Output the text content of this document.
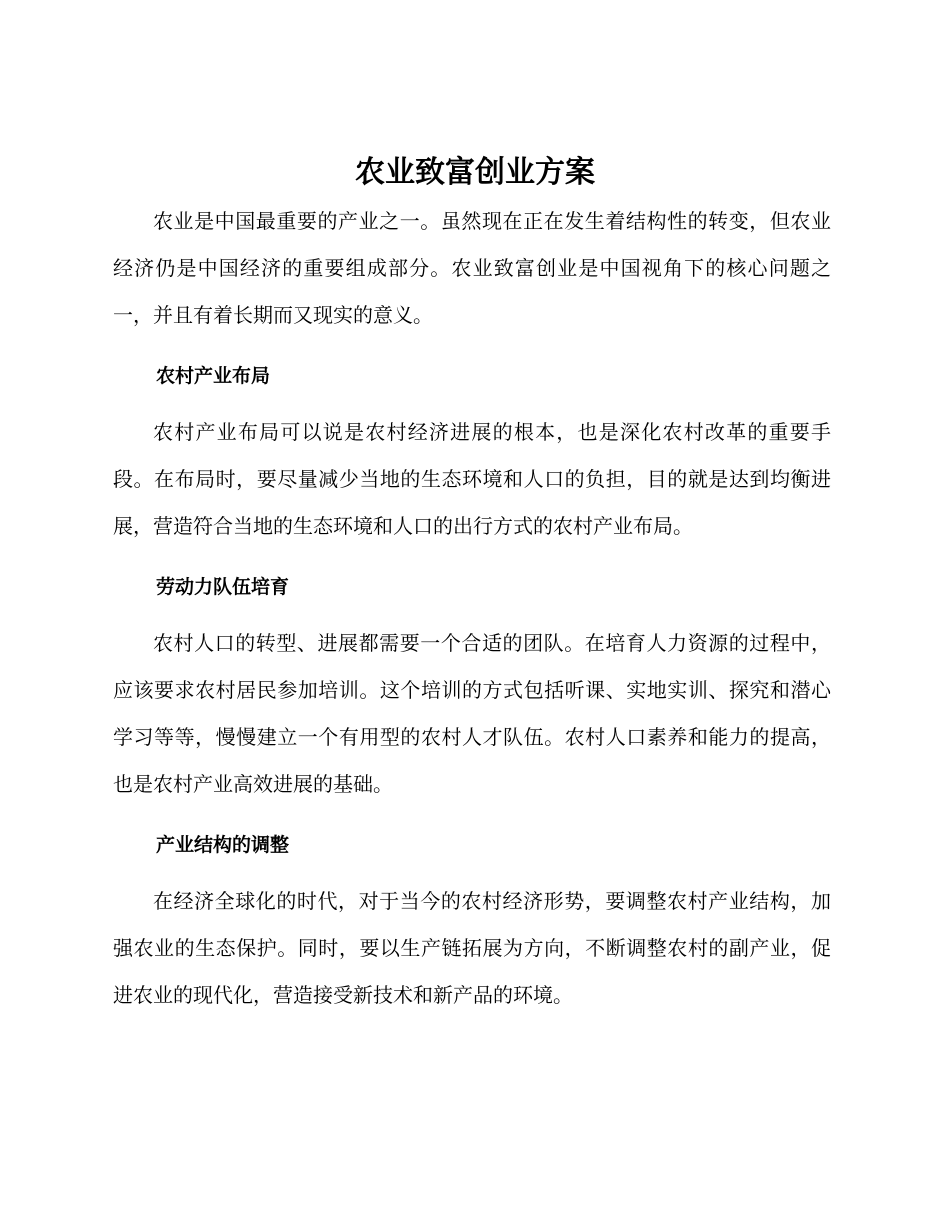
农业致富创业方案

农业是中国最重要的产业之一。虽然现在正在发生着结构性的转变，但农业经济仍是中国经济的重要组成部分。农业致富创业是中国视角下的核心问题之一，并且有着长期而又现实的意义。

农村产业布局

农村产业布局可以说是农村经济进展的根本，也是深化农村改革的重要手段。在布局时，要尽量减少当地的生态环境和人口的负担，目的就是达到均衡进展，营造符合当地的生态环境和人口的出行方式的农村产业布局。

劳动力队伍培育

农村人口的转型、进展都需要一个合适的团队。在培育人力资源的过程中，应该要求农村居民参加培训。这个培训的方式包括听课、实地实训、探究和潜心学习等等，慢慢建立一个有用型的农村人才队伍。农村人口素养和能力的提高，也是农村产业高效进展的基础。

产业结构的调整

在经济全球化的时代，对于当今的农村经济形势，要调整农村产业结构，加强农业的生态保护。同时，要以生产链拓展为方向，不断调整农村的副产业，促进农业的现代化，营造接受新技术和新产品的环境。
